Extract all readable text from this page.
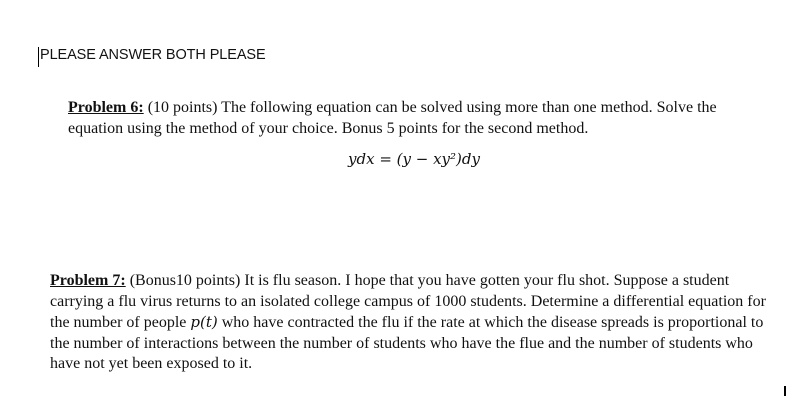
PLEASE ANSWER BOTH PLEASE
Problem 6: (10 points) The following equation can be solved using more than one method. Solve the equation using the method of your choice. Bonus 5 points for the second method.
ydx = (y − xy²)dy
Problem 7: (Bonus10 points) It is flu season. I hope that you have gotten your flu shot. Suppose a student carrying a flu virus returns to an isolated college campus of 1000 students. Determine a differential equation for the number of people p(t) who have contracted the flu if the rate at which the disease spreads is proportional to the number of interactions between the number of students who have the flue and the number of students who have not yet been exposed to it.
